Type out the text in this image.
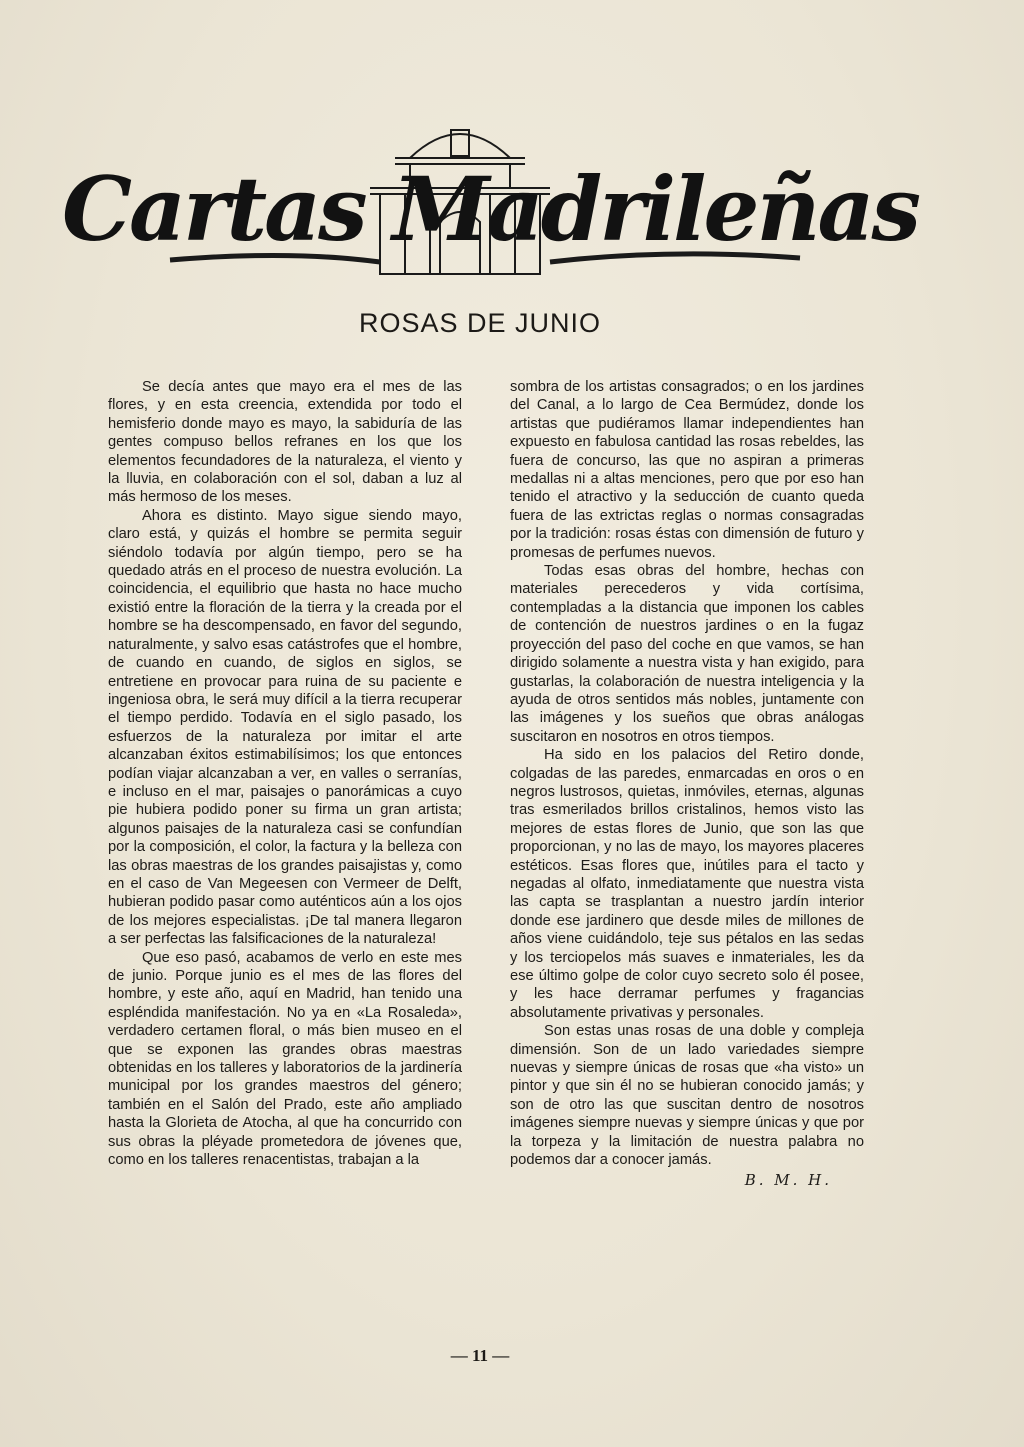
Cartas Madrileñas
ROSAS DE JUNIO

Se decía antes que mayo era el mes de las flores, y en esta creencia, extendida por todo el hemisferio donde mayo es mayo, la sabiduría de las gentes compuso bellos refranes en los que los elementos fecundadores de la naturaleza, el viento y la lluvia, en colaboración con el sol, daban a luz al más hermoso de los meses.

Ahora es distinto. Mayo sigue siendo mayo, claro está, y quizás el hombre se permita seguir siéndolo todavía por algún tiempo, pero se ha quedado atrás en el proceso de nuestra evolución. La coincidencia, el equilibrio que hasta no hace mucho existió entre la floración de la tierra y la creada por el hombre se ha descompensado, en favor del segundo, naturalmente, y salvo esas catástrofes que el hombre, de cuando en cuando, de siglos en siglos, se entretiene en provocar para ruina de su paciente e ingeniosa obra, le será muy difícil a la tierra recuperar el tiempo perdido. Todavía en el siglo pasado, los esfuerzos de la naturaleza por imitar el arte alcanzaban éxitos estimabilísimos; los que entonces podían viajar alcanzaban a ver, en valles o serranías, e incluso en el mar, paisajes o panorámicas a cuyo pie hubiera podido poner su firma un gran artista; algunos paisajes de la naturaleza casi se confundían por la composición, el color, la factura y la belleza con las obras maestras de los grandes paisajistas y, como en el caso de Van Megeesen con Vermeer de Delft, hubieran podido pasar como auténticos aún a los ojos de los mejores especialistas. ¡De tal manera llegaron a ser perfectas las falsificaciones de la naturaleza!

Que eso pasó, acabamos de verlo en este mes de junio. Porque junio es el mes de las flores del hombre, y este año, aquí en Madrid, han tenido una espléndida manifestación. No ya en «La Rosaleda», verdadero certamen floral, o más bien museo en el que se exponen las grandes obras maestras obtenidas en los talleres y laboratorios de la jardinería municipal por los grandes maestros del género; también en el Salón del Prado, este año ampliado hasta la Glorieta de Atocha, al que ha concurrido con sus obras la pléyade prometedora de jóvenes que, como en los talleres renacentistas, trabajan a la

sombra de los artistas consagrados; o en los jardines del Canal, a lo largo de Cea Bermúdez, donde los artistas que pudiéramos llamar independientes han expuesto en fabulosa cantidad las rosas rebeldes, las fuera de concurso, las que no aspiran a primeras medallas ni a altas menciones, pero que por eso han tenido el atractivo y la seducción de cuanto queda fuera de las extrictas reglas o normas consagradas por la tradición: rosas éstas con dimensión de futuro y promesas de perfumes nuevos.

Todas esas obras del hombre, hechas con materiales perecederos y vida cortísima, contempladas a la distancia que imponen los cables de contención de nuestros jardines o en la fugaz proyección del paso del coche en que vamos, se han dirigido solamente a nuestra vista y han exigido, para gustarlas, la colaboración de nuestra inteligencia y la ayuda de otros sentidos más nobles, juntamente con las imágenes y los sueños que obras análogas suscitaron en nosotros en otros tiempos.

Ha sido en los palacios del Retiro donde, colgadas de las paredes, enmarcadas en oros o en negros lustrosos, quietas, inmóviles, eternas, algunas tras esmerilados brillos cristalinos, hemos visto las mejores de estas flores de Junio, que son las que proporcionan, y no las de mayo, los mayores placeres estéticos. Esas flores que, inútiles para el tacto y negadas al olfato, inmediatamente que nuestra vista las capta se trasplantan a nuestro jardín interior donde ese jardinero que desde miles de millones de años viene cuidándolo, teje sus pétalos en las sedas y los terciopelos más suaves e inmateriales, les da ese último golpe de color cuyo secreto solo él posee, y les hace derramar perfumes y fragancias absolutamente privativas y personales.

Son estas unas rosas de una doble y compleja dimensión. Son de un lado variedades siempre nuevas y siempre únicas de rosas que «ha visto» un pintor y que sin él no se hubieran conocido jamás; y son de otro las que suscitan dentro de nosotros imágenes siempre nuevas y siempre únicas y que por la torpeza y la limitación de nuestra palabra no podemos dar a conocer jamás.

B. M. H.
— 11 —
